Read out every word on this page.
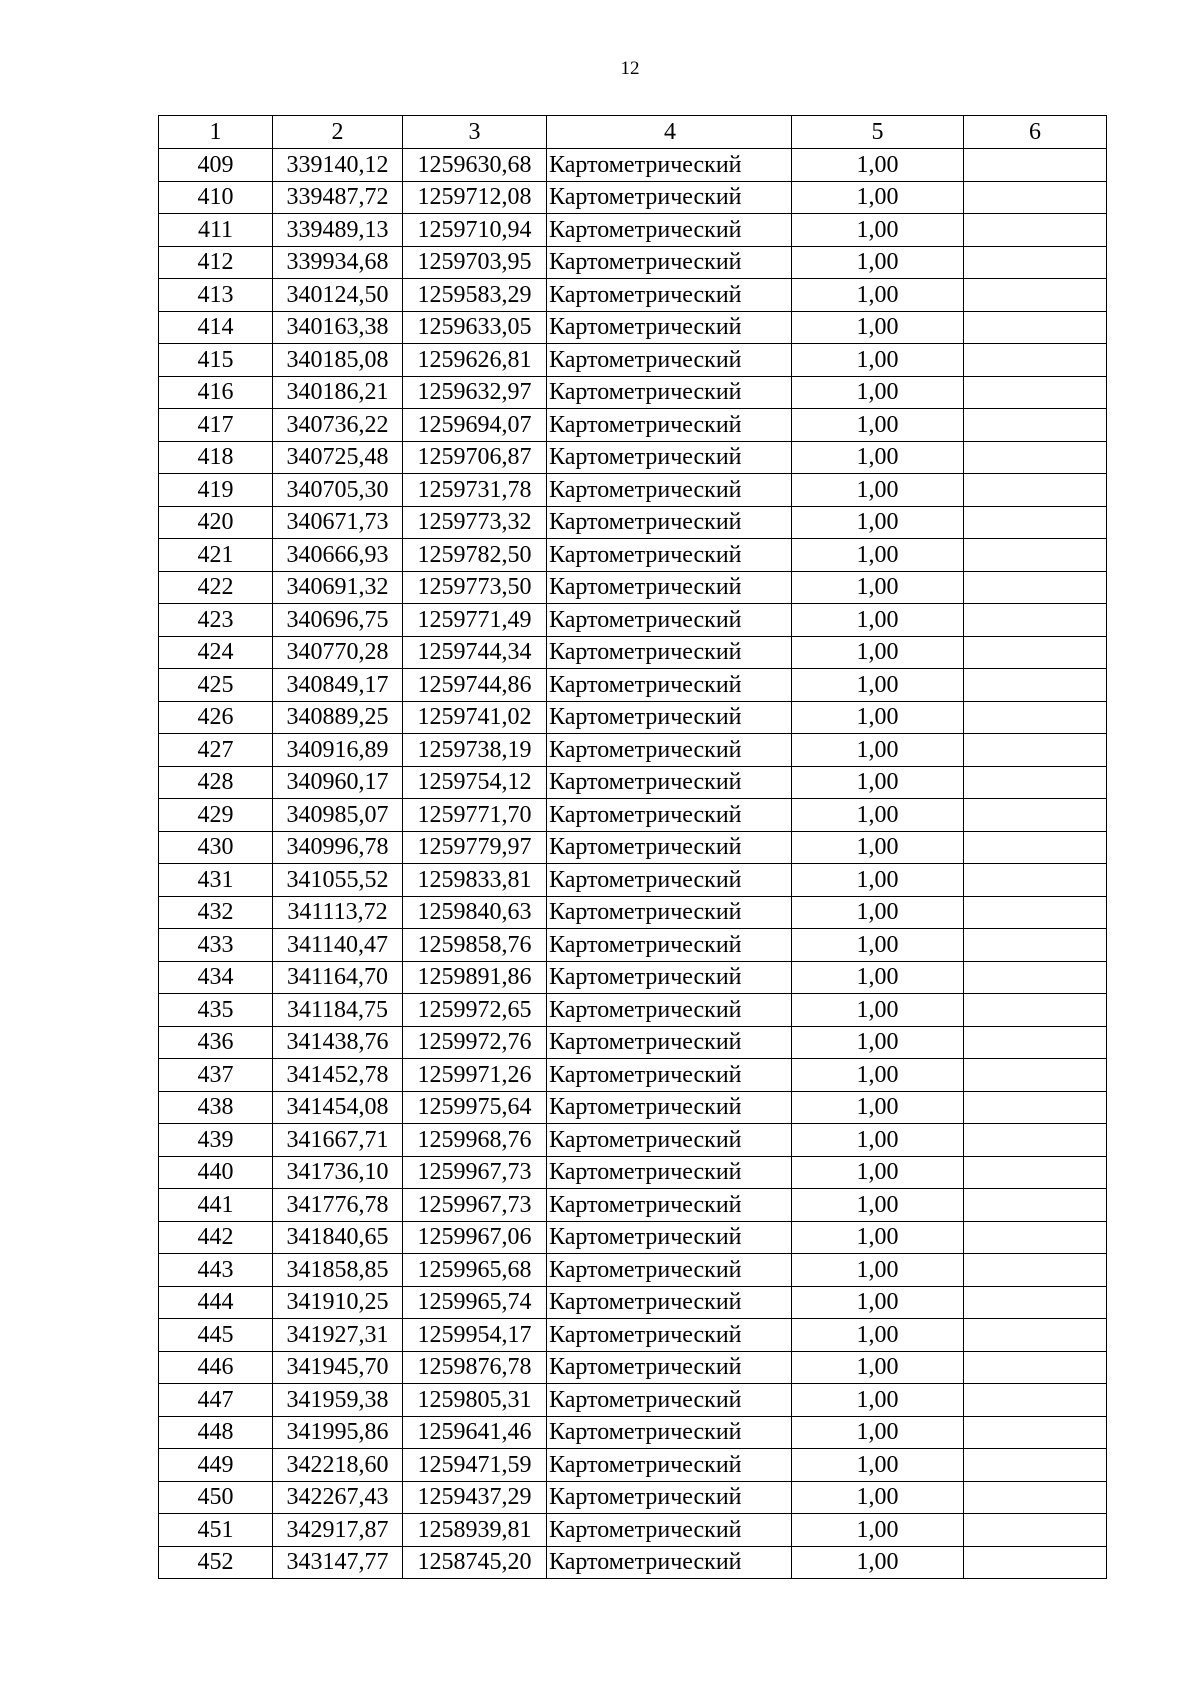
12
1	2	3	4	5	6
409	339140,12	1259630,68	Картометрический	1,00	
410	339487,72	1259712,08	Картометрический	1,00	
411	339489,13	1259710,94	Картометрический	1,00	
412	339934,68	1259703,95	Картометрический	1,00	
413	340124,50	1259583,29	Картометрический	1,00	
414	340163,38	1259633,05	Картометрический	1,00	
415	340185,08	1259626,81	Картометрический	1,00	
416	340186,21	1259632,97	Картометрический	1,00	
417	340736,22	1259694,07	Картометрический	1,00	
418	340725,48	1259706,87	Картометрический	1,00	
419	340705,30	1259731,78	Картометрический	1,00	
420	340671,73	1259773,32	Картометрический	1,00	
421	340666,93	1259782,50	Картометрический	1,00	
422	340691,32	1259773,50	Картометрический	1,00	
423	340696,75	1259771,49	Картометрический	1,00	
424	340770,28	1259744,34	Картометрический	1,00	
425	340849,17	1259744,86	Картометрический	1,00	
426	340889,25	1259741,02	Картометрический	1,00	
427	340916,89	1259738,19	Картометрический	1,00	
428	340960,17	1259754,12	Картометрический	1,00	
429	340985,07	1259771,70	Картометрический	1,00	
430	340996,78	1259779,97	Картометрический	1,00	
431	341055,52	1259833,81	Картометрический	1,00	
432	341113,72	1259840,63	Картометрический	1,00	
433	341140,47	1259858,76	Картометрический	1,00	
434	341164,70	1259891,86	Картометрический	1,00	
435	341184,75	1259972,65	Картометрический	1,00	
436	341438,76	1259972,76	Картометрический	1,00	
437	341452,78	1259971,26	Картометрический	1,00	
438	341454,08	1259975,64	Картометрический	1,00	
439	341667,71	1259968,76	Картометрический	1,00	
440	341736,10	1259967,73	Картометрический	1,00	
441	341776,78	1259967,73	Картометрический	1,00	
442	341840,65	1259967,06	Картометрический	1,00	
443	341858,85	1259965,68	Картометрический	1,00	
444	341910,25	1259965,74	Картометрический	1,00	
445	341927,31	1259954,17	Картометрический	1,00	
446	341945,70	1259876,78	Картометрический	1,00	
447	341959,38	1259805,31	Картометрический	1,00	
448	341995,86	1259641,46	Картометрический	1,00	
449	342218,60	1259471,59	Картометрический	1,00	
450	342267,43	1259437,29	Картометрический	1,00	
451	342917,87	1258939,81	Картометрический	1,00	
452	343147,77	1258745,20	Картометрический	1,00	
